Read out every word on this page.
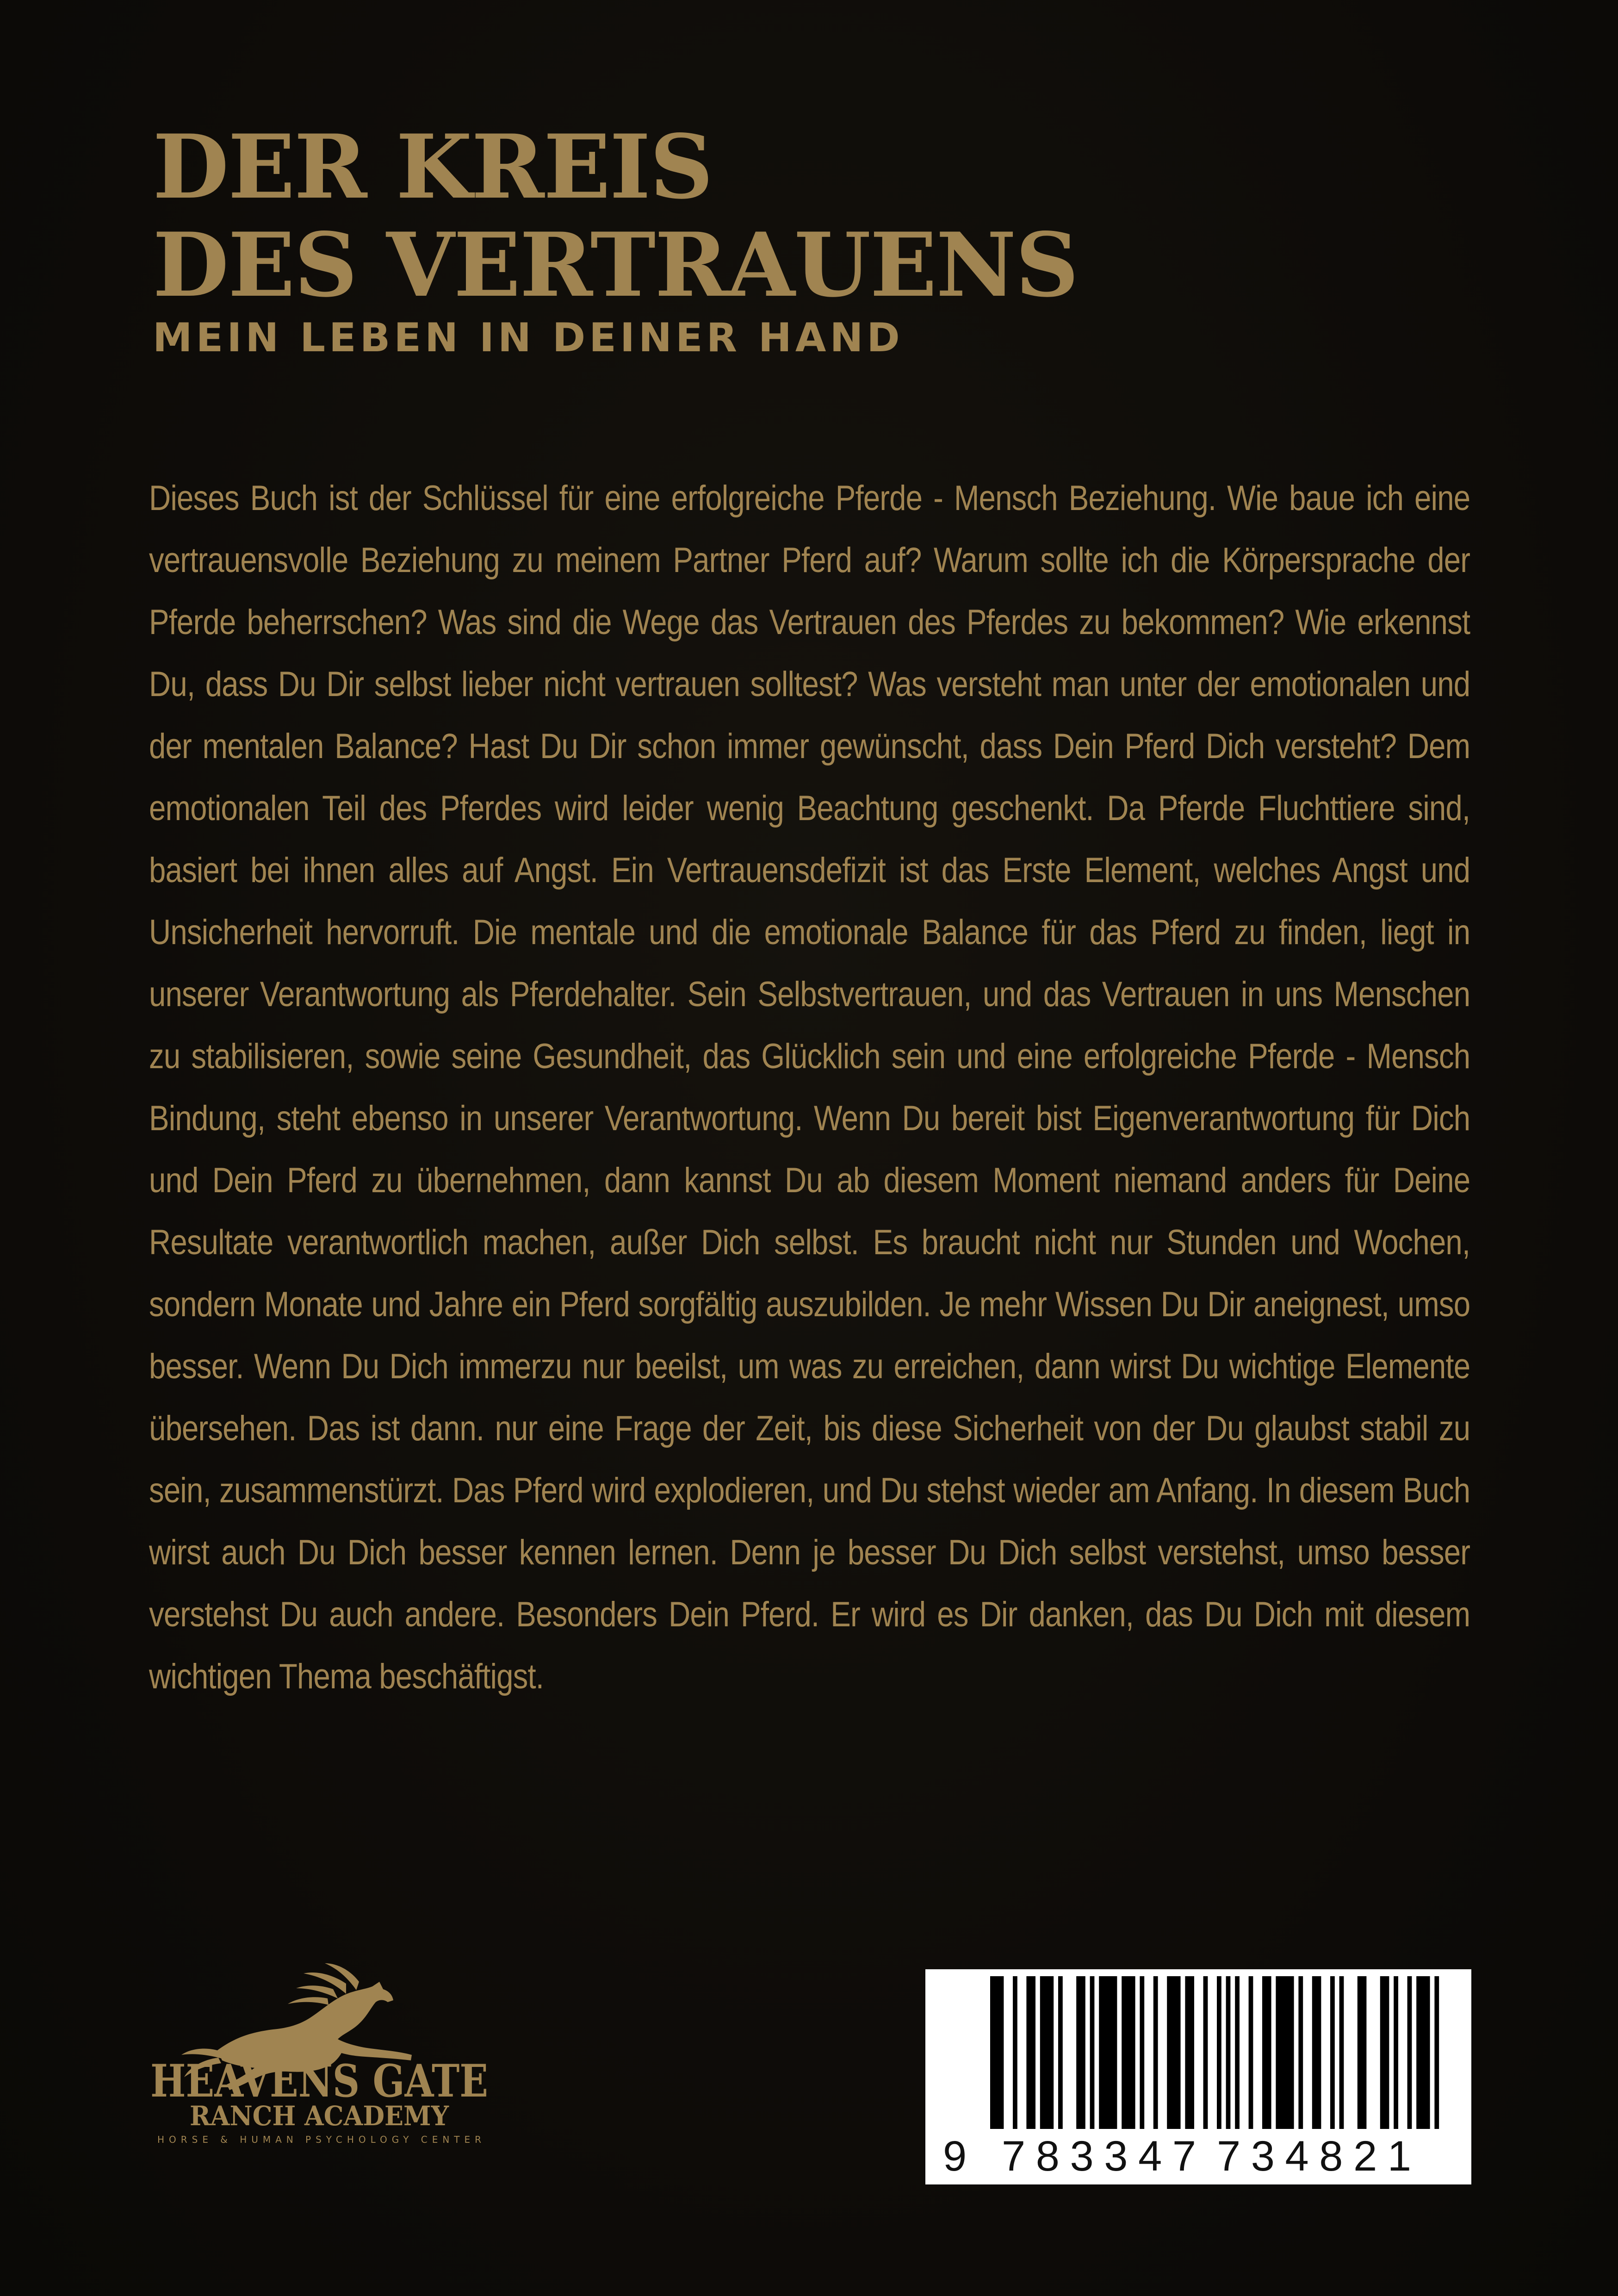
DER KREIS
DES VERTRAUENS
MEIN LEBEN IN DEINER HAND

Dieses Buch ist der Schlüssel für eine erfolgreiche Pferde - Mensch Beziehung. Wie baue ich eine vertrauensvolle Beziehung zu meinem Partner Pferd auf? Warum sollte ich die Körpersprache der Pferde beherrschen? Was sind die Wege das Vertrauen des Pferdes zu bekommen? Wie erkennst Du, dass Du Dir selbst lieber nicht vertrauen solltest? Was versteht man unter der emotionalen und der mentalen Balance? Hast Du Dir schon immer gewünscht, dass Dein Pferd Dich versteht? Dem emotionalen Teil des Pferdes wird leider wenig Beachtung geschenkt. Da Pferde Fluchttiere sind, basiert bei ihnen alles auf Angst. Ein Vertrauensdefizit ist das Erste Element, welches Angst und Unsicherheit hervorruft. Die mentale und die emotionale Balance für das Pferd zu finden, liegt in unserer Verantwortung als Pferdehalter. Sein Selbstvertrauen, und das Vertrauen in uns Menschen zu stabilisieren, sowie seine Gesundheit, das Glücklich sein und eine erfolgreiche Pferde - Mensch Bindung, steht ebenso in unserer Verantwortung. Wenn Du bereit bist Eigenverantwortung für Dich und Dein Pferd zu übernehmen, dann kannst Du ab diesem Moment niemand anders für Deine Resultate verantwortlich machen, außer Dich selbst. Es braucht nicht nur Stunden und Wochen, sondern Monate und Jahre ein Pferd sorgfältig auszubilden. Je mehr Wissen Du Dir aneignest, umso besser. Wenn Du Dich immerzu nur beeilst, um was zu erreichen, dann wirst Du wichtige Elemente übersehen. Das ist dann. nur eine Frage der Zeit, bis diese Sicherheit von der Du glaubst stabil zu sein, zusammenstürzt. Das Pferd wird explodieren, und Du stehst wieder am Anfang. In diesem Buch wirst auch Du Dich besser kennen lernen. Denn je besser Du Dich selbst verstehst, umso besser verstehst Du auch andere. Besonders Dein Pferd. Er wird es Dir danken, das Du Dich mit diesem wichtigen Thema beschäftigst.

HEAVENS GATE
RANCH ACADEMY
HORSE & HUMAN PSYCHOLOGY CENTER	9 783347 734821
